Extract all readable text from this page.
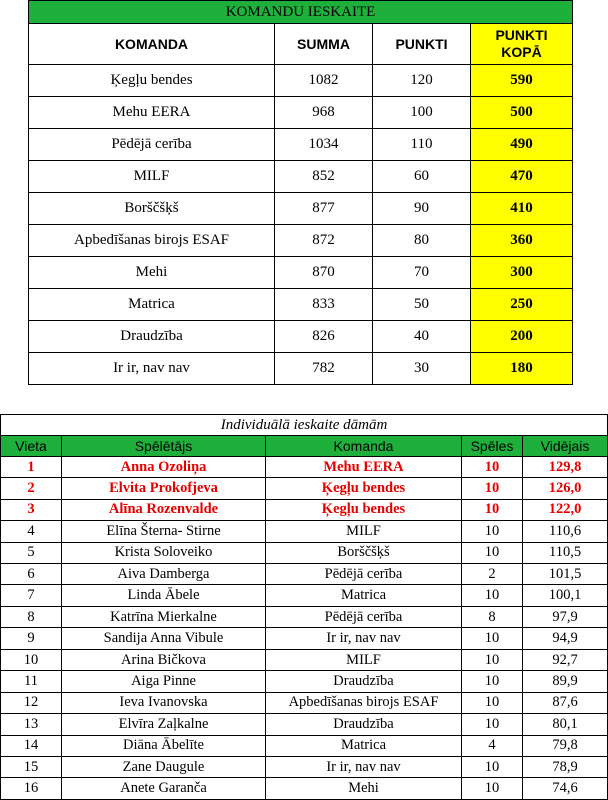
KOMANDU IESKAITE			
KOMANDA	SUMMA	PUNKTI	PUNKTI
KOPĀ
Ķegļu bendes	1082	120	590
Mehu EERA	968	100	500
Pēdējā cerība	1034	110	490
MILF	852	60	470
Borščšķš	877	90	410
Apbedīšanas birojs ESAF	872	80	360
Mehi	870	70	300
Matrica	833	50	250
Draudzība	826	40	200
Ir ir, nav nav	782	30	180
Individuālā ieskaite dāmām				
Vieta	Spēlētājs	Komanda	Spēles	Vidējais
1	Anna Ozoliņa	Mehu EERA	10	129,8
2	Elvita Prokofjeva	Ķegļu bendes	10	126,0
3	Alīna Rozenvalde	Ķegļu bendes	10	122,0
4	Elīna Šterna- Stirne	MILF	10	110,6
5	Krista Soloveiko	Borščšķš	10	110,5
6	Aiva Damberga	Pēdējā cerība	2	101,5
7	Linda Ābele	Matrica	10	100,1
8	Katrīna Mierkalne	Pēdējā cerība	8	97,9
9	Sandija Anna Vibule	Ir ir, nav nav	10	94,9
10	Arina Bičkova	MILF	10	92,7
11	Aiga Pinne	Draudzība	10	89,9
12	Ieva Ivanovska	Apbedīšanas birojs ESAF	10	87,6
13	Elvīra Zaļkalne	Draudzība	10	80,1
14	Diāna Ābelīte	Matrica	4	79,8
15	Zane Daugule	Ir ir, nav nav	10	78,9
16	Anete Garanča	Mehi	10	74,6
